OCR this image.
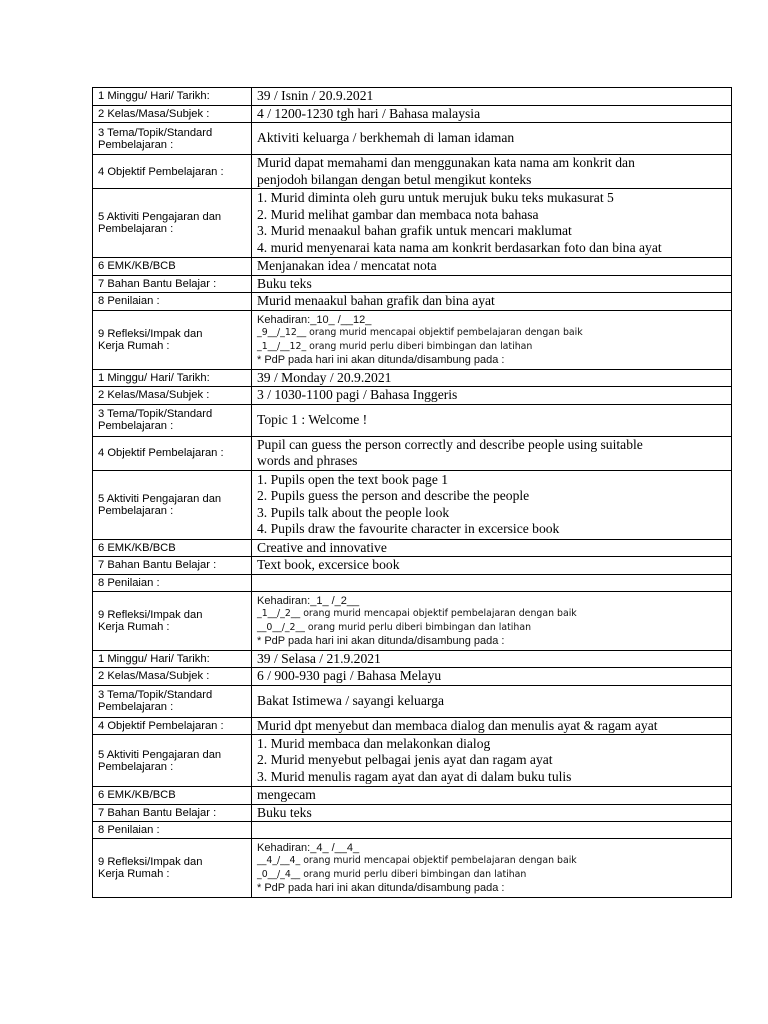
1 Minggu/ Hari/ Tarikh:	39 / Isnin / 20.9.2021

2 Kelas/Masa/Subjek :	4 / 1200-1230 tgh hari / Bahasa malaysia

3 Tema/Topik/Standard
Pembelajaran :	Aktiviti keluarga / berkhemah di laman idaman

4 Objektif Pembelajaran :	Murid dapat memahami dan menggunakan kata nama am konkrit dan
penjodoh bilangan dengan betul mengikut konteks

5 Aktiviti Pengajaran dan
Pembelajaran :	1. Murid diminta oleh guru untuk merujuk buku teks mukasurat 5
2. Murid melihat gambar dan membaca nota bahasa
3. Murid menaakul bahan grafik untuk mencari maklumat
4. murid menyenarai kata nama am konkrit berdasarkan foto dan bina ayat

6 EMK/KB/BCB	Menjanakan idea / mencatat nota

7 Bahan Bantu Belajar :	Buku teks

8 Penilaian :	Murid menaakul bahan grafik dan bina ayat

9 Refleksi/Impak dan
Kerja Rumah :	Kehadiran:_10_ /__12_
_9__/_12__ orang murid mencapai objektif pembelajaran dengan baik
_1__/__12_ orang murid perlu diberi bimbingan dan latihan
* PdP pada hari ini akan ditunda/disambung pada :

1 Minggu/ Hari/ Tarikh:	39 / Monday / 20.9.2021

2 Kelas/Masa/Subjek :	3 / 1030-1100 pagi / Bahasa Inggeris

3 Tema/Topik/Standard
Pembelajaran :	Topic 1 : Welcome !

4 Objektif Pembelajaran :	Pupil can guess the person correctly and describe people using suitable
words and phrases

5 Aktiviti Pengajaran dan
Pembelajaran :	1. Pupils open the text book page 1
2. Pupils guess the person and describe the people
3. Pupils talk about the people look
4. Pupils draw the favourite character in excersice book

6 EMK/KB/BCB	Creative and innovative

7 Bahan Bantu Belajar :	Text book, excersice book

8 Penilaian :	

9 Refleksi/Impak dan
Kerja Rumah :	Kehadiran:_1_ /_2__
_1__/_2__ orang murid mencapai objektif pembelajaran dengan baik
__0__/_2__ orang murid perlu diberi bimbingan dan latihan
* PdP pada hari ini akan ditunda/disambung pada :

1 Minggu/ Hari/ Tarikh:	39 / Selasa / 21.9.2021

2 Kelas/Masa/Subjek :	6 / 900-930 pagi / Bahasa Melayu

3 Tema/Topik/Standard
Pembelajaran :	Bakat Istimewa / sayangi keluarga

4 Objektif Pembelajaran :	Murid dpt menyebut dan membaca dialog dan menulis ayat & ragam ayat

5 Aktiviti Pengajaran dan
Pembelajaran :	1. Murid membaca dan melakonkan dialog
2. Murid menyebut pelbagai jenis ayat dan ragam ayat
3. Murid menulis ragam ayat dan ayat di dalam buku tulis

6 EMK/KB/BCB	mengecam

7 Bahan Bantu Belajar :	Buku teks

8 Penilaian :	

9 Refleksi/Impak dan
Kerja Rumah :	Kehadiran:_4_ /__4_
__4_/__4_ orang murid mencapai objektif pembelajaran dengan baik
_0__/_4__ orang murid perlu diberi bimbingan dan latihan
* PdP pada hari ini akan ditunda/disambung pada :
